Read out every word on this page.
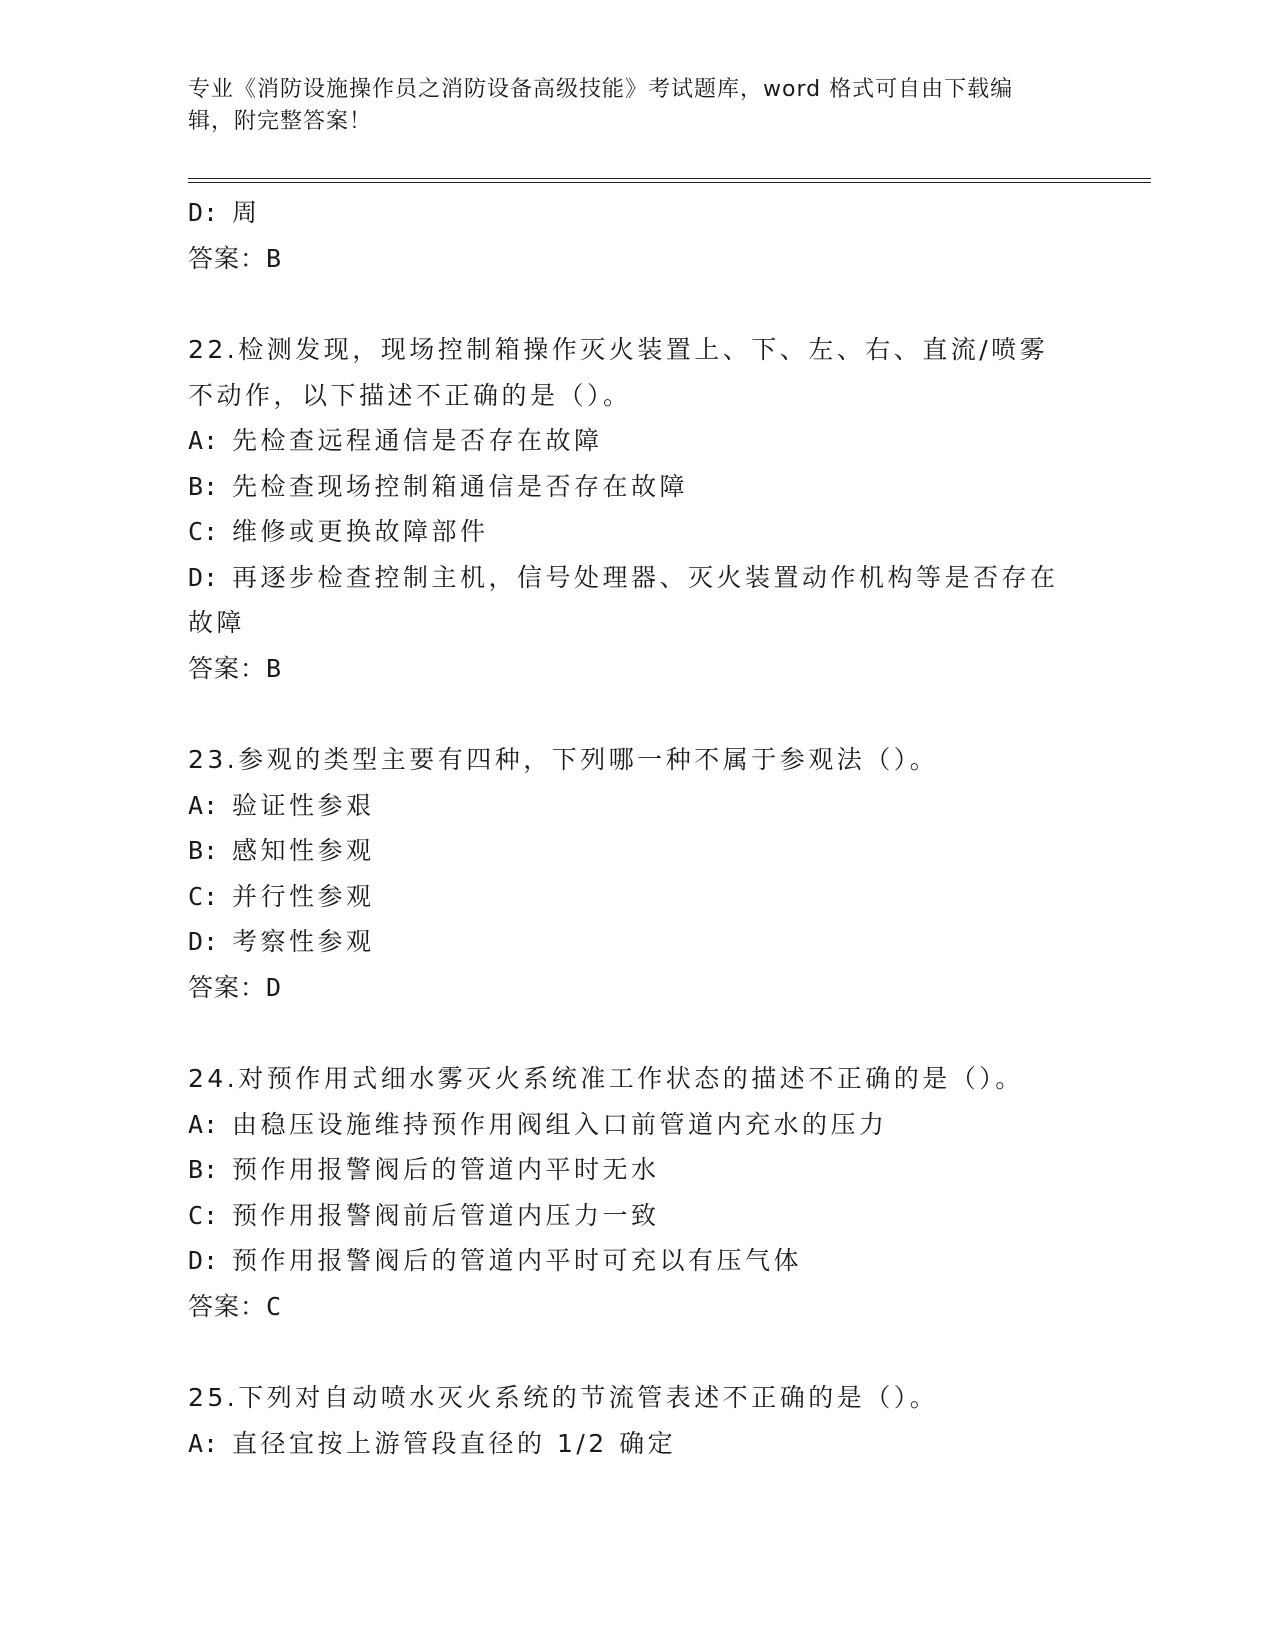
专业《消防设施操作员之消防设备高级技能》考试题库，word 格式可自由下载编
辑，附完整答案！
D: 周
答案：B
22.检测发现，现场控制箱操作灭火装置上、下、左、右、直流/喷雾
不动作，以下描述不正确的是（）。
A: 先检查远程通信是否存在故障
B: 先检查现场控制箱通信是否存在故障
C: 维修或更换故障部件
D: 再逐步检查控制主机，信号处理器、灭火装置动作机构等是否存在
故障
答案：B
23.参观的类型主要有四种，下列哪一种不属于参观法（）。
A: 验证性参艰
B: 感知性参观
C: 并行性参观
D: 考察性参观
答案：D
24.对预作用式细水雾灭火系统准工作状态的描述不正确的是（）。
A: 由稳压设施维持预作用阀组入口前管道内充水的压力
B: 预作用报警阀后的管道内平时无水
C: 预作用报警阀前后管道内压力一致
D: 预作用报警阀后的管道内平时可充以有压气体
答案：C
25.下列对自动喷水灭火系统的节流管表述不正确的是（）。
A: 直径宜按上游管段直径的 1/2 确定
